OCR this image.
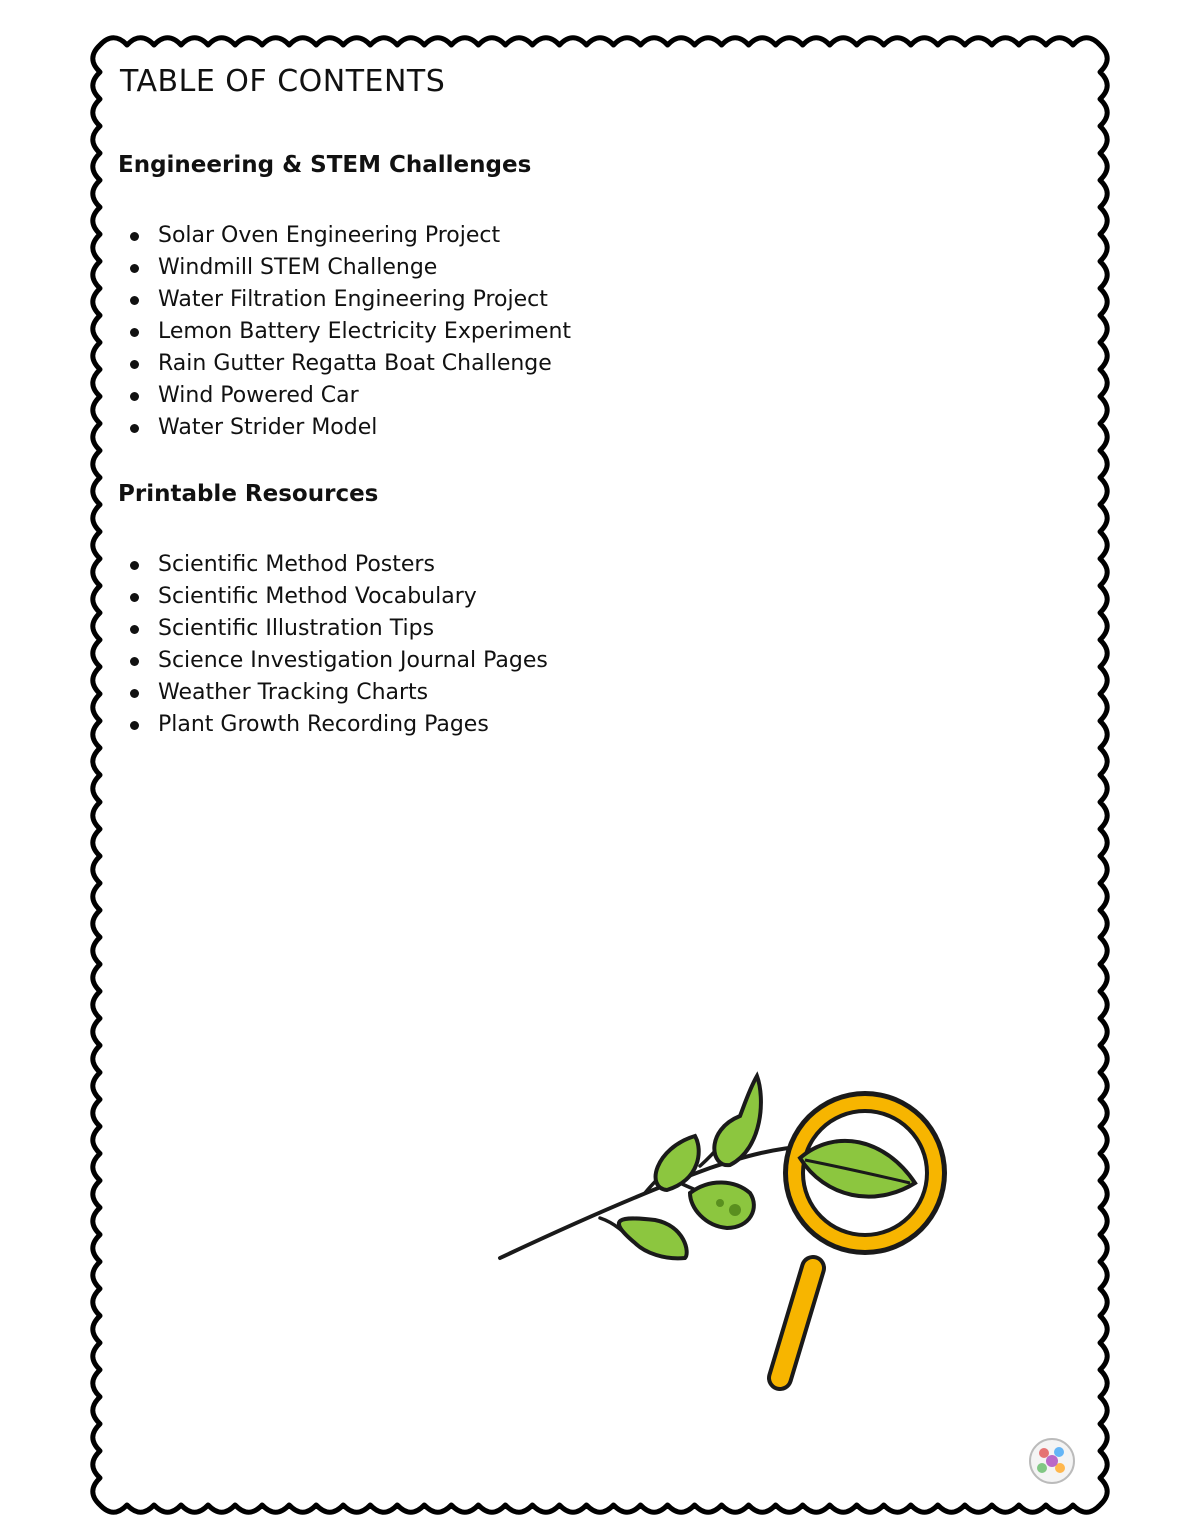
TABLE OF CONTENTS
Engineering & STEM Challenges
Solar Oven Engineering Project
Windmill STEM Challenge
Water Filtration Engineering Project
Lemon Battery Electricity Experiment
Rain Gutter Regatta Boat Challenge
Wind Powered Car
Water Strider Model
Printable Resources
Scientific Method Posters
Scientific Method Vocabulary
Scientific Illustration Tips
Science Investigation Journal Pages
Weather Tracking Charts
Plant Growth Recording Pages
